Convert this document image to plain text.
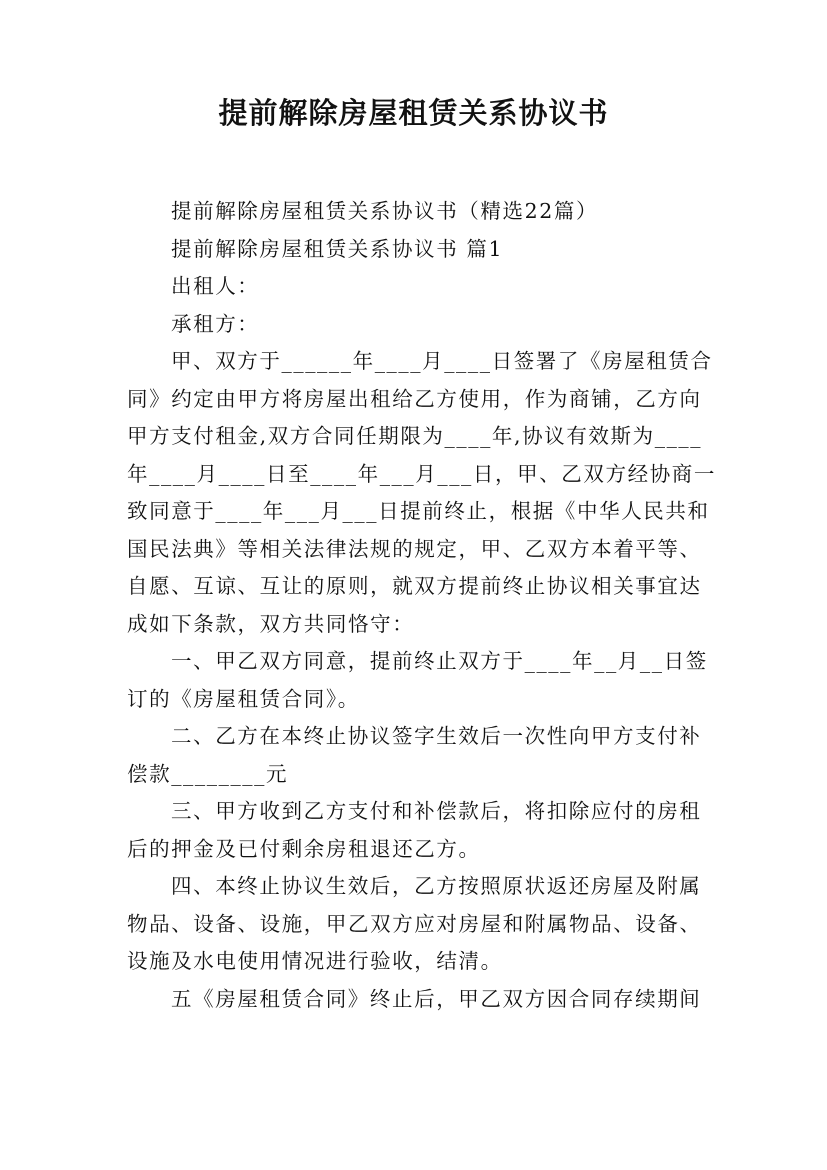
提前解除房屋租赁关系协议书
提前解除房屋租赁关系协议书（精选22篇）
提前解除房屋租赁关系协议书 篇1
出租人：
承租方：
甲、双方于______年____月____日签署了《房屋租赁合
同》约定由甲方将房屋出租给乙方使用，作为商铺，乙方向
甲方支付租金,双方合同任期限为____年,协议有效斯为____
年____月____日至____年___月___日，甲、乙双方经协商一
致同意于____年___月___日提前终止，根据《中华人民共和
国民法典》等相关法律法规的规定，甲、乙双方本着平等、
自愿、互谅、互让的原则，就双方提前终止协议相关事宜达
成如下条款，双方共同恪守：
一、甲乙双方同意，提前终止双方于____年__月__日签
订的《房屋租赁合同》。
二、乙方在本终止协议签字生效后一次性向甲方支付补
偿款________元
三、甲方收到乙方支付和补偿款后，将扣除应付的房租
后的押金及已付剩余房租退还乙方。
四、本终止协议生效后，乙方按照原状返还房屋及附属
物品、设备、设施，甲乙双方应对房屋和附属物品、设备、
设施及水电使用情况进行验收，结清。
五《房屋租赁合同》终止后，甲乙双方因合同存续期间
